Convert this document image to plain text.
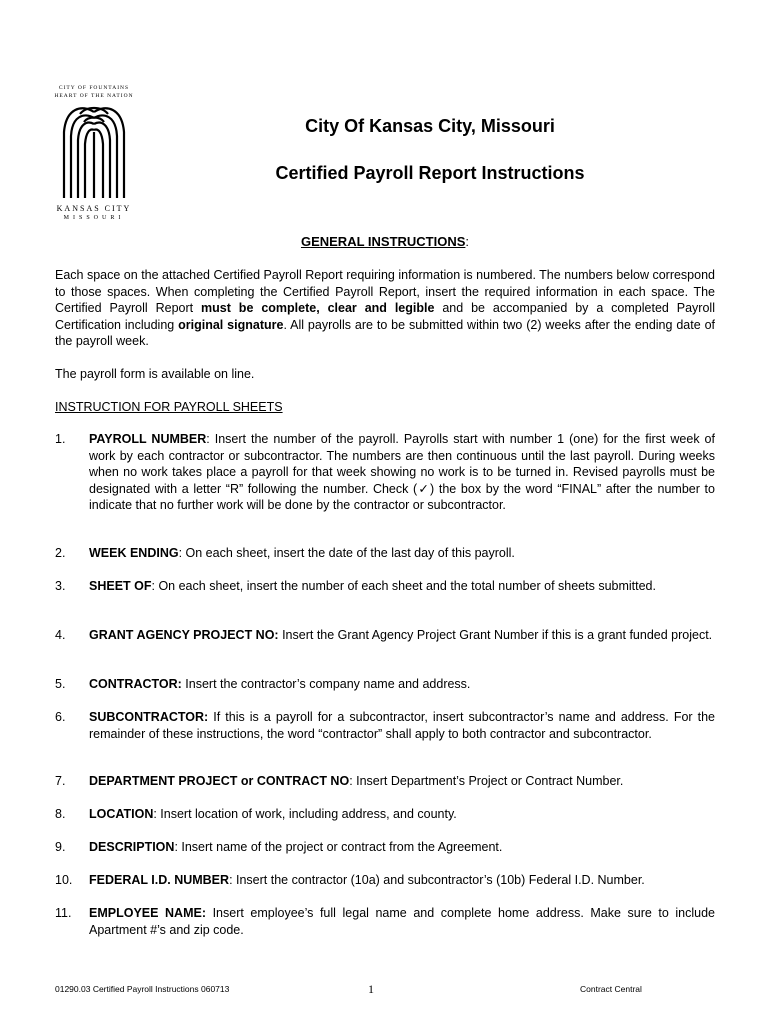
CITY OF FOUNTAINS
HEART OF THE NATION
KANSAS CITY
MISSOURI
City Of Kansas City, Missouri
Certified Payroll Report Instructions
GENERAL INSTRUCTIONS:
Each space on the attached Certified Payroll Report requiring information is numbered. The numbers below correspond to those spaces. When completing the Certified Payroll Report, insert the required information in each space. The Certified Payroll Report must be complete, clear and legible and be accompanied by a completed Payroll Certification including original signature. All payrolls are to be submitted within two (2) weeks after the ending date of the payroll week.
The payroll form is available on line.
INSTRUCTION FOR PAYROLL SHEETS
1. PAYROLL NUMBER: Insert the number of the payroll. Payrolls start with number 1 (one) for the first week of work by each contractor or subcontractor. The numbers are then continuous until the last payroll. During weeks when no work takes place a payroll for that week showing no work is to be turned in. Revised payrolls must be designated with a letter “R” following the number. Check (✓) the box by the word “FINAL” after the number to indicate that no further work will be done by the contractor or subcontractor.
2. WEEK ENDING: On each sheet, insert the date of the last day of this payroll.
3. SHEET OF: On each sheet, insert the number of each sheet and the total number of sheets submitted.
4. GRANT AGENCY PROJECT NO: Insert the Grant Agency Project Grant Number if this is a grant funded project.
5. CONTRACTOR: Insert the contractor’s company name and address.
6. SUBCONTRACTOR: If this is a payroll for a subcontractor, insert subcontractor’s name and address. For the remainder of these instructions, the word “contractor” shall apply to both contractor and subcontractor.
7. DEPARTMENT PROJECT or CONTRACT NO: Insert Department’s Project or Contract Number.
8. LOCATION: Insert location of work, including address, and county.
9. DESCRIPTION: Insert name of the project or contract from the Agreement.
10. FEDERAL I.D. NUMBER: Insert the contractor (10a) and subcontractor’s (10b) Federal I.D. Number.
11. EMPLOYEE NAME: Insert employee’s full legal name and complete home address. Make sure to include Apartment #’s and zip code.
01290.03 Certified Payroll Instructions 060713	1	Contract Central
